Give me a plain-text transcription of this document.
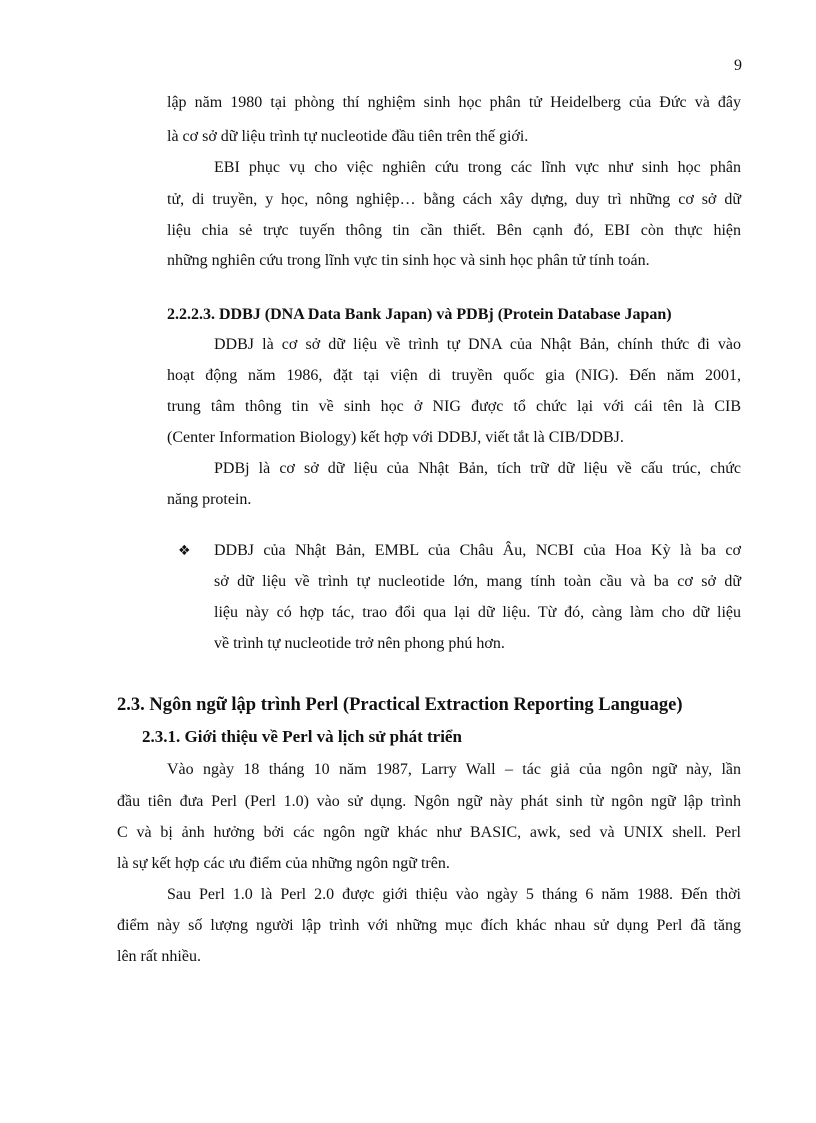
9
lập năm 1980 tại phòng thí nghiệm sinh học phân tử Heidelberg của Đức và đây
là cơ sở dữ liệu trình tự nucleotide đầu tiên trên thế giới.
EBI phục vụ cho việc nghiên cứu trong các lĩnh vực như sinh học phân
tử, di truyền, y học, nông nghiệp… bằng cách xây dựng, duy trì những cơ sở dữ
liệu chia sẻ trực tuyến thông tin cần thiết. Bên cạnh đó, EBI còn thực hiện
những nghiên cứu trong lĩnh vực tin sinh học và sinh học phân tử tính toán.
2.2.2.3. DDBJ (DNA Data Bank Japan) và PDBj (Protein Database Japan)
DDBJ là cơ sở dữ liệu về trình tự DNA của Nhật Bản, chính thức đi vào
hoạt động năm 1986, đặt tại viện di truyền quốc gia (NIG). Đến năm 2001,
trung tâm thông tin về sinh học ở NIG được tổ chức lại với cái tên là CIB
(Center Information Biology) kết hợp với DDBJ, viết tắt là CIB/DDBJ.
PDBj là cơ sở dữ liệu của Nhật Bản, tích trữ dữ liệu về cấu trúc, chức
năng protein.
❖ DDBJ của Nhật Bản, EMBL của Châu Âu, NCBI của Hoa Kỳ là ba cơ
sở dữ liệu về trình tự nucleotide lớn, mang tính toàn cầu và ba cơ sở dữ
liệu này có hợp tác, trao đổi qua lại dữ liệu. Từ đó, càng làm cho dữ liệu
về trình tự nucleotide trở nên phong phú hơn.
2.3. Ngôn ngữ lập trình Perl (Practical Extraction Reporting Language)
2.3.1. Giới thiệu về Perl và lịch sử phát triển
Vào ngày 18 tháng 10 năm 1987, Larry Wall – tác giả của ngôn ngữ này, lần
đầu tiên đưa Perl (Perl 1.0) vào sử dụng. Ngôn ngữ này phát sinh từ ngôn ngữ lập trình
C và bị ảnh hưởng bởi các ngôn ngữ khác như BASIC, awk, sed và UNIX shell. Perl
là sự kết hợp các ưu điểm của những ngôn ngữ trên.
Sau Perl 1.0 là Perl 2.0 được giới thiệu vào ngày 5 tháng 6 năm 1988. Đến thời
điểm này số lượng người lập trình với những mục đích khác nhau sử dụng Perl đã tăng
lên rất nhiều.
